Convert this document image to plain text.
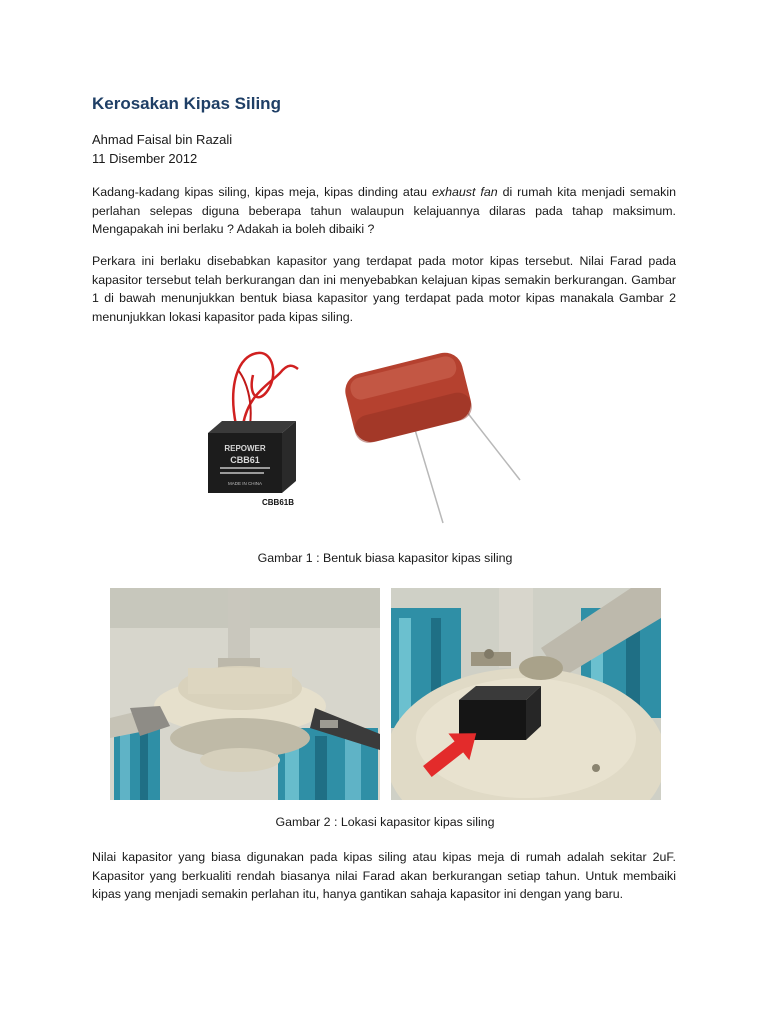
Kerosakan Kipas Siling
Ahmad Faisal bin Razali
11 Disember 2012
Kadang-kadang kipas siling, kipas meja, kipas dinding atau exhaust fan di rumah kita menjadi semakin perlahan selepas diguna beberapa tahun walaupun kelajuannya dilaras pada tahap maksimum. Mengapakah ini berlaku ? Adakah ia boleh dibaiki ?
Perkara ini berlaku disebabkan kapasitor yang terdapat pada motor kipas tersebut. Nilai Farad pada kapasitor tersebut telah berkurangan dan ini menyebabkan kelajuan kipas semakin berkurangan. Gambar 1 di bawah menunjukkan bentuk biasa kapasitor yang terdapat pada motor kipas manakala Gambar 2 menunjukkan lokasi kapasitor pada kipas siling.
REPOWER
CBB61
MADE IN CHINA
CBB61B
Gambar 1 : Bentuk biasa kapasitor kipas siling
Gambar 2 : Lokasi kapasitor kipas siling
Nilai kapasitor yang biasa digunakan pada kipas siling atau kipas meja di rumah adalah sekitar 2uF. Kapasitor yang berkualiti rendah biasanya nilai Farad akan berkurangan setiap tahun. Untuk membaiki kipas yang menjadi semakin perlahan itu, hanya gantikan sahaja kapasitor ini dengan yang baru.
